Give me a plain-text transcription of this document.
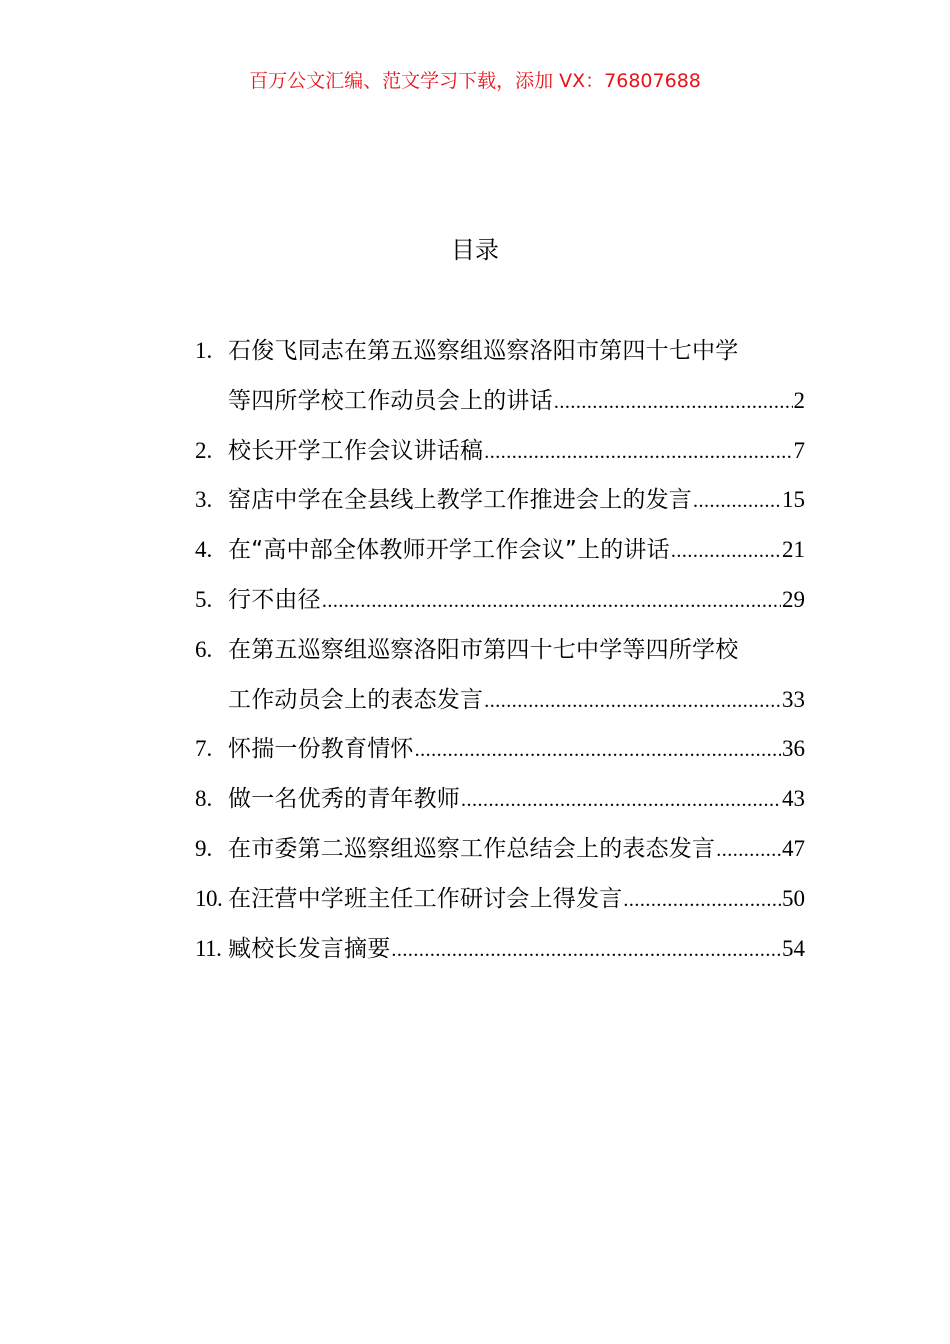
百万公文汇编、范文学习下载，添加 VX：76807688
目录
1. 石俊飞同志在第五巡察组巡察洛阳市第四十七中学
等四所学校工作动员会上的讲话 .....	2
2. 校长开学工作会议讲话稿 .....	7
3. 窑店中学在全县线上教学工作推进会上的发言 .....	15
4. 在“高中部全体教师开学工作会议”上的讲话 .....	21
5. 行不由径 .....	29
6. 在第五巡察组巡察洛阳市第四十七中学等四所学校
工作动员会上的表态发言 .....	33
7. 怀揣一份教育情怀 .....	36
8. 做一名优秀的青年教师 .....	43
9. 在市委第二巡察组巡察工作总结会上的表态发言 .....	47
10. 在汪营中学班主任工作研讨会上得发言 .....	50
11. 臧校长发言摘要 .....	54
